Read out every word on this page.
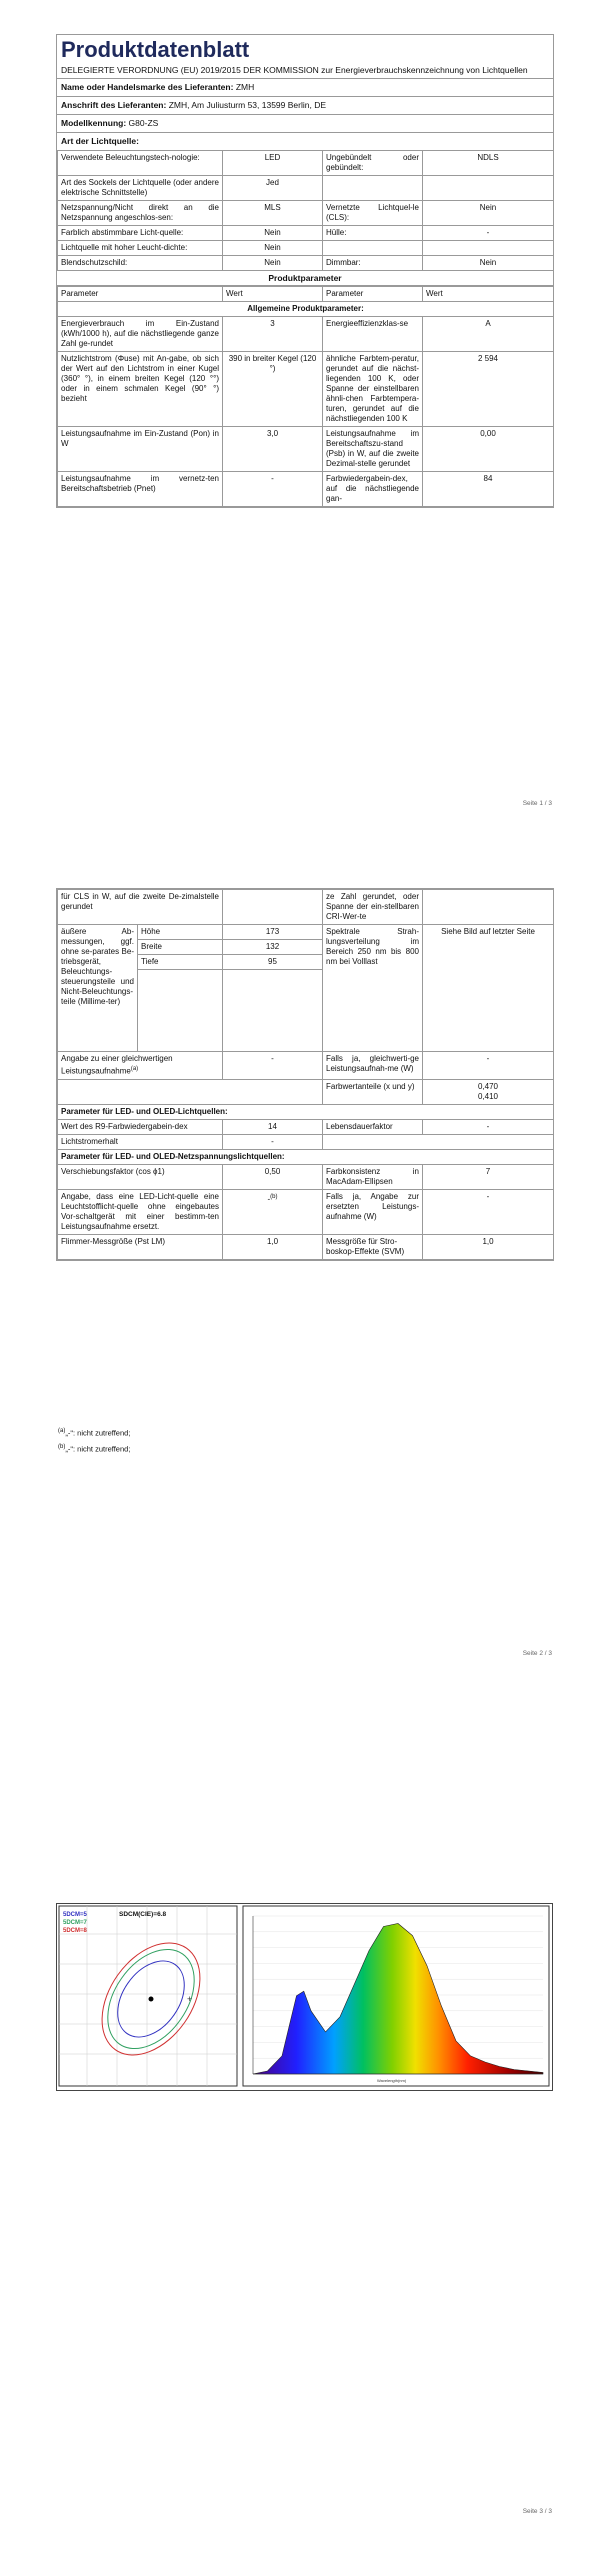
Produktdatenblatt
DELEGIERTE VERORDNUNG (EU) 2019/2015 DER KOMMISSION zur Energieverbrauchskennzeichnung von Lichtquellen
Name oder Handelsmarke des Lieferanten: ZMH
Anschrift des Lieferanten: ZMH, Am Juliusturm 53, 13599 Berlin, DE
Modellkennung: G80-ZS
Art der Lichtquelle:
Verwendete Beleuchtungstech-nologie:	LED	Ungebündelt oder gebündelt:	NDLS
Art des Sockels der Lichtquelle (oder andere elektrische Schnittstelle)	Jed		
Netzspannung/Nicht direkt an die Netzspannung angeschlos-sen:	MLS	Vernetzte Lichtquel-le (CLS):	Nein
Farblich abstimmbare Licht-quelle:	Nein	Hülle:	-
Lichtquelle mit hoher Leucht-dichte:	Nein		
Blendschutzschild:	Nein	Dimmbar:	Nein
Produktparameter
Parameter	Wert	Parameter	Wert
Allgemeine Produktparameter:			
Energieverbrauch im Ein-Zustand (kWh/1000 h), auf die nächstliegende ganze Zahl ge-rundet	3	Energieeffizienzklas-se	A
Nutzlichtstrom (Φuse) mit An-gabe, ob sich der Wert auf den Lichtstrom in einer Kugel (360° °), in einem breiten Kegel (120 °°) oder in einem schmalen Kegel (90° °) bezieht	390 in breiter Kegel (120 °)	ähnliche Farbtem-peratur, gerundet auf die nächst-liegenden 100 K, oder Spanne der einstellbaren ähnli-chen Farbtempera-turen, gerundet auf die nächstliegenden 100 K	2 594
Leistungsaufnahme im Ein-Zustand (Pon) in W	3,0	Leistungsaufnahme im Bereitschaftszu-stand (Psb) in W, auf die zweite Dezimal-stelle gerundet	0,00
Leistungsaufnahme im vernetz-ten Bereitschaftsbetrieb (Pnet)	-	Farbwiedergabein-dex, auf die nächstliegende gan-	84
Seite 1 / 3
für CLS in W, auf die zweite De-zimalstelle gerundet			ze Zahl gerundet, oder Spanne der ein-stellbaren CRI-Wer-te	
äußere Ab-messungen, ggf. ohne se-parates Be-triebsgerät, Beleuchtungs-steuerungsteile und Nicht-Beleuchtungs-teile (Millime-ter)	Höhe	173	Spektrale Strah-lungsverteilung im Bereich 250 nm bis 800 nm bei Volllast	Siehe Bild auf letzter Seite
	Breite	132		
	Tiefe	95		

Angabe zu einer gleichwertigen Leistungsaufnahme$^{(a)}$		-	Falls ja, gleichwerti-ge Leistungsaufnah-me (W)	-
			Farbwertanteile (x und y)	0,470
0,410
Parameter für LED- und OLED-Lichtquellen:				
Wert des R9-Farbwiedergabein-dex		14	Lebensdauerfaktor	-
Lichtstromerhalt		-		
Parameter für LED- und OLED-Netzspannungslichtquellen:				
Verschiebungsfaktor (cos ϕ1)		0,50	Farbkonsistenz in MacAdam-Ellipsen	7
Angabe, dass eine LED-Licht-quelle eine Leuchtstofflicht-quelle ohne eingebautes Vor-schaltgerät mit einer bestimm-ten Leistungsaufnahme ersetzt.		-$^{(b)}$	Falls ja, Angabe zur ersetzten Leistungs-aufnahme (W)	-
Flimmer-Messgröße (Pst LM)		1,0	Messgröße für Stro-boskop-Effekte (SVM)	1,0
$^{(a)}$„-": nicht zutreffend;
$^{(b)}$„-": nicht zutreffend;
Seite 2 / 3
+
5DCM=5
5DCM=7
5DCM=8
SDCM(CIE)=6.8
Wavelength(nm)
Seite 3 / 3
